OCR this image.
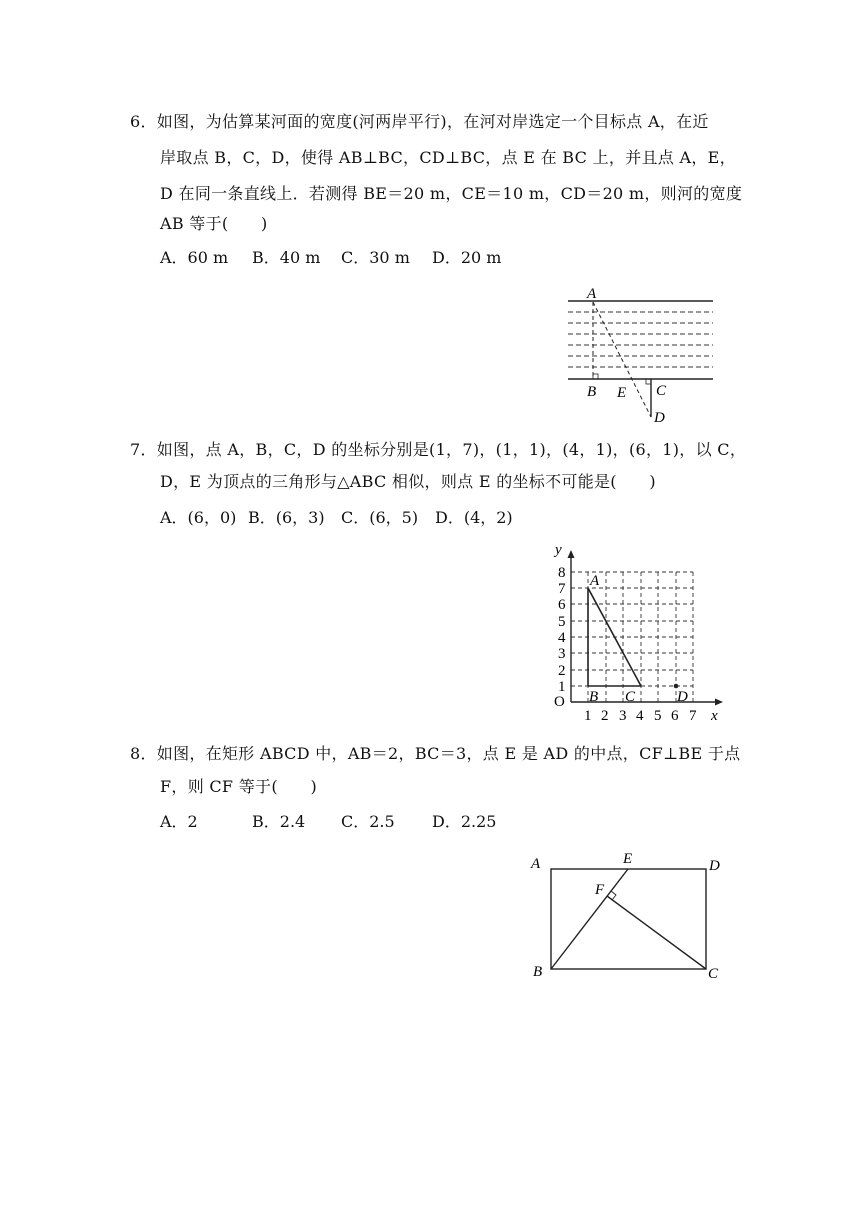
6．如图，为估算某河面的宽度(河两岸平行)，在河对岸选定一个目标点 A，在近
岸取点 B，C，D，使得 AB⊥BC，CD⊥BC，点 E 在 BC 上，并且点 A，E，
D 在同一条直线上．若测得 BE＝20 m，CE＝10 m，CD＝20 m，则河的宽度
AB 等于(　　)
A．60 m B．40 m C．30 m D．20 m
A
B E C
D
7．如图，点 A，B，C，D 的坐标分别是(1，7)，(1，1)，(4，1)，(6，1)，以 C，
D，E 为顶点的三角形与△ABC 相似，则点 E 的坐标不可能是(　　)
A．(6，0) B．(6，3) C．(6，5) D．(4，2)
O
x
y
1 2 3 4 5 6 7
1
2
3
4
5
6
7
8 A
B C	D
8．如图，在矩形 ABCD 中，AB＝2，BC＝3，点 E 是 AD 的中点，CF⊥BE 于点
F，则 CF 等于(　　)
A．2	B．2.4 C．2.5 D．2.25
A	E	D
F
B	C
